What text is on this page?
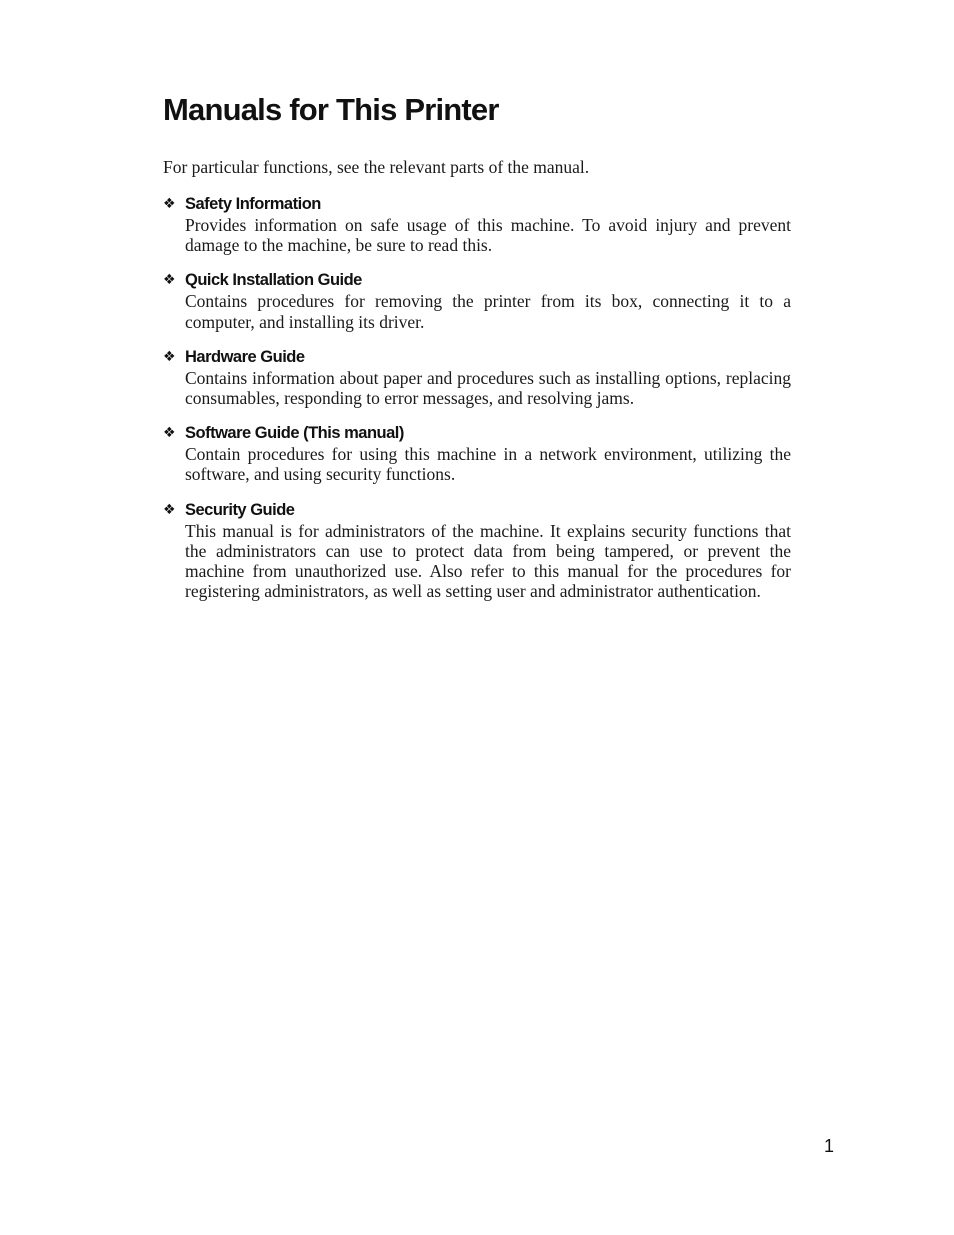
Manuals for This Printer

For particular functions, see the relevant parts of the manual.

❖ Safety Information

Provides information on safe usage of this machine. To avoid injury and prevent damage to the machine, be sure to read this.

❖ Quick Installation Guide

Contains procedures for removing the printer from its box, connecting it to a computer, and installing its driver.

❖ Hardware Guide

Contains information about paper and procedures such as installing options, replacing consumables, responding to error messages, and resolving jams.

❖ Software Guide (This manual)

Contain procedures for using this machine in a network environment, utilizing the software, and using security functions.

❖ Security Guide

This manual is for administrators of the machine. It explains security functions that the administrators can use to protect data from being tampered, or prevent the machine from unauthorized use. Also refer to this manual for the procedures for registering administrators, as well as setting user and administrator authentication.

1
